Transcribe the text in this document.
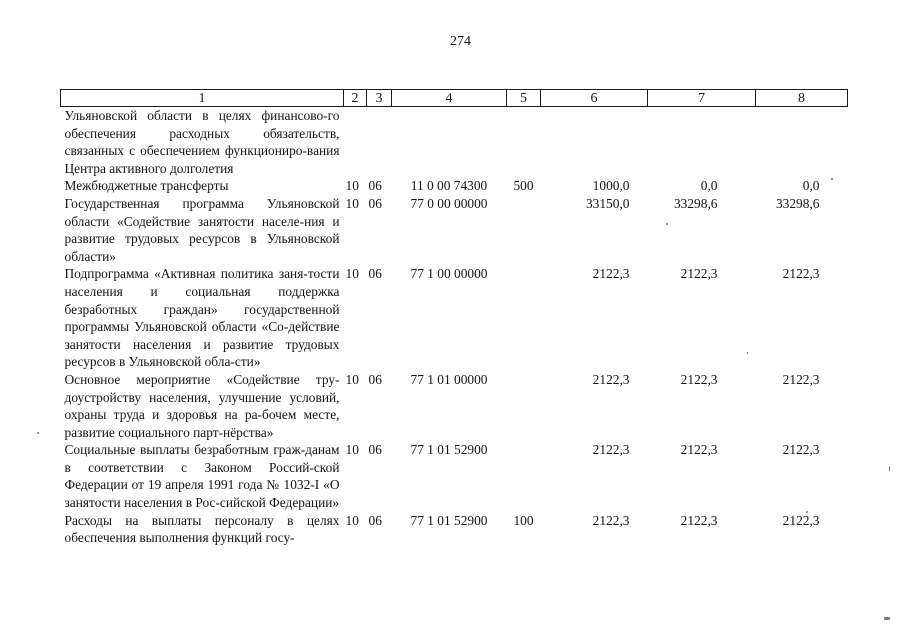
274
1	2	3	4	5	6	7	8
Ульяновской области в целях финансово-го обеспечения расходных обязательств, связанных с обеспечением функциониро-вания Центра активного долголетия							
Межбюджетные трансферты	10	06	11 0 00 74300	500	1000,0	0,0	0,0
Государственная программа Ульяновской области «Содействие занятости населе-ния и развитие трудовых ресурсов в Ульяновской области»	10	06	77 0 00 00000		33150,0	33298,6	33298,6
Подпрограмма «Активная политика заня-тости населения и социальная поддержка безработных граждан» государственной программы Ульяновской области «Со-действие занятости населения и развитие трудовых ресурсов в Ульяновской обла-сти»	10	06	77 1 00 00000		2122,3	2122,3	2122,3
Основное мероприятие «Содействие тру-доустройству населения, улучшение условий, охраны труда и здоровья на ра-бочем месте, развитие социального парт-нёрства»	10	06	77 1 01 00000		2122,3	2122,3	2122,3
Социальные выплаты безработным граж-данам в соответствии с Законом Россий-ской Федерации от 19 апреля 1991 года № 1032-I «О занятости населения в Рос-сийской Федерации»	10	06	77 1 01 52900		2122,3	2122,3	2122,3
Расходы на выплаты персоналу в целях обеспечения выполнения функций госу-	10	06	77 1 01 52900	100	2122,3	2122,3	2122,3
